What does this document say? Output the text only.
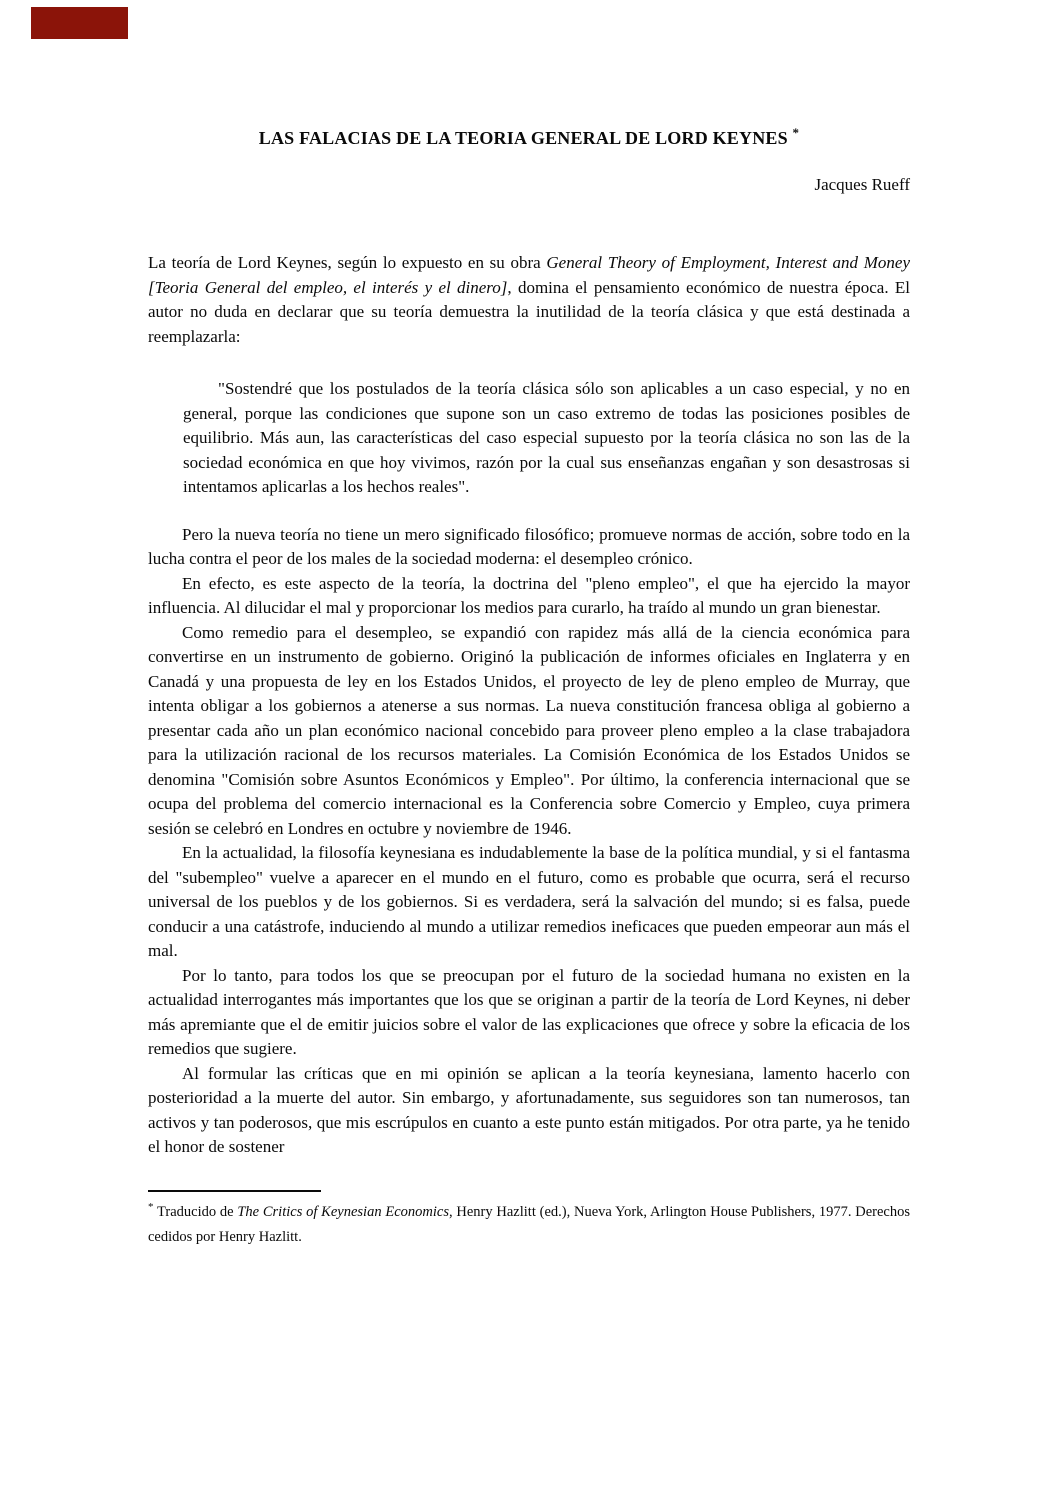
LAS FALACIAS DE LA TEORIA GENERAL DE LORD KEYNES *

Jacques Rueff

La teoría de Lord Keynes, según lo expuesto en su obra General Theory of Employment, Interest and Money [Teoria General del empleo, el interés y el dinero], domina el pensamiento económico de nuestra época. El autor no duda en declarar que su teoría demuestra la inutilidad de la teoría clásica y que está destinada a reemplazarla:

"Sostendré que los postulados de la teoría clásica sólo son aplicables a un caso especial, y no en general, porque las condiciones que supone son un caso extremo de todas las posiciones posibles de equilibrio. Más aun, las características del caso especial supuesto por la teoría clásica no son las de la sociedad económica en que hoy vivimos, razón por la cual sus enseñanzas engañan y son desastrosas si intentamos aplicarlas a los hechos reales".

Pero la nueva teoría no tiene un mero significado filosófico; promueve normas de acción, sobre todo en la lucha contra el peor de los males de la sociedad moderna: el desempleo crónico.

En efecto, es este aspecto de la teoría, la doctrina del "pleno empleo", el que ha ejercido la mayor influencia. Al dilucidar el mal y proporcionar los medios para curarlo, ha traído al mundo un gran bienestar.

Como remedio para el desempleo, se expandió con rapidez más allá de la ciencia económica para convertirse en un instrumento de gobierno. Originó la publicación de informes oficiales en Inglaterra y en Canadá y una propuesta de ley en los Estados Unidos, el proyecto de ley de pleno empleo de Murray, que intenta obligar a los gobiernos a atenerse a sus normas. La nueva constitución francesa obliga al gobierno a presentar cada año un plan económico nacional concebido para proveer pleno empleo a la clase trabajadora para la utilización racional de los recursos materiales. La Comisión Económica de los Estados Unidos se denomina "Comisión sobre Asuntos Económicos y Empleo". Por último, la conferencia internacional que se ocupa del problema del comercio internacional es la Conferencia sobre Comercio y Empleo, cuya primera sesión se celebró en Londres en octubre y noviembre de 1946.

En la actualidad, la filosofía keynesiana es indudablemente la base de la política mundial, y si el fantasma del "subempleo" vuelve a aparecer en el mundo en el futuro, como es probable que ocurra, será el recurso universal de los pueblos y de los gobiernos. Si es verdadera, será la salvación del mundo; si es falsa, puede conducir a una catástrofe, induciendo al mundo a utilizar remedios ineficaces que pueden empeorar aun más el mal.

Por lo tanto, para todos los que se preocupan por el futuro de la sociedad humana no existen en la actualidad interrogantes más importantes que los que se originan a partir de la teoría de Lord Keynes, ni deber más apremiante que el de emitir juicios sobre el valor de las explicaciones que ofrece y sobre la eficacia de los remedios que sugiere.

Al formular las críticas que en mi opinión se aplican a la teoría keynesiana, lamento hacerlo con posterioridad a la muerte del autor. Sin embargo, y afortunadamente, sus seguidores son tan numerosos, tan activos y tan poderosos, que mis escrúpulos en cuanto a este punto están mitigados. Por otra parte, ya he tenido el honor de sostener

* Traducido de The Critics of Keynesian Economics, Henry Hazlitt (ed.), Nueva York, Arlington House Publishers, 1977. Derechos cedidos por Henry Hazlitt.
